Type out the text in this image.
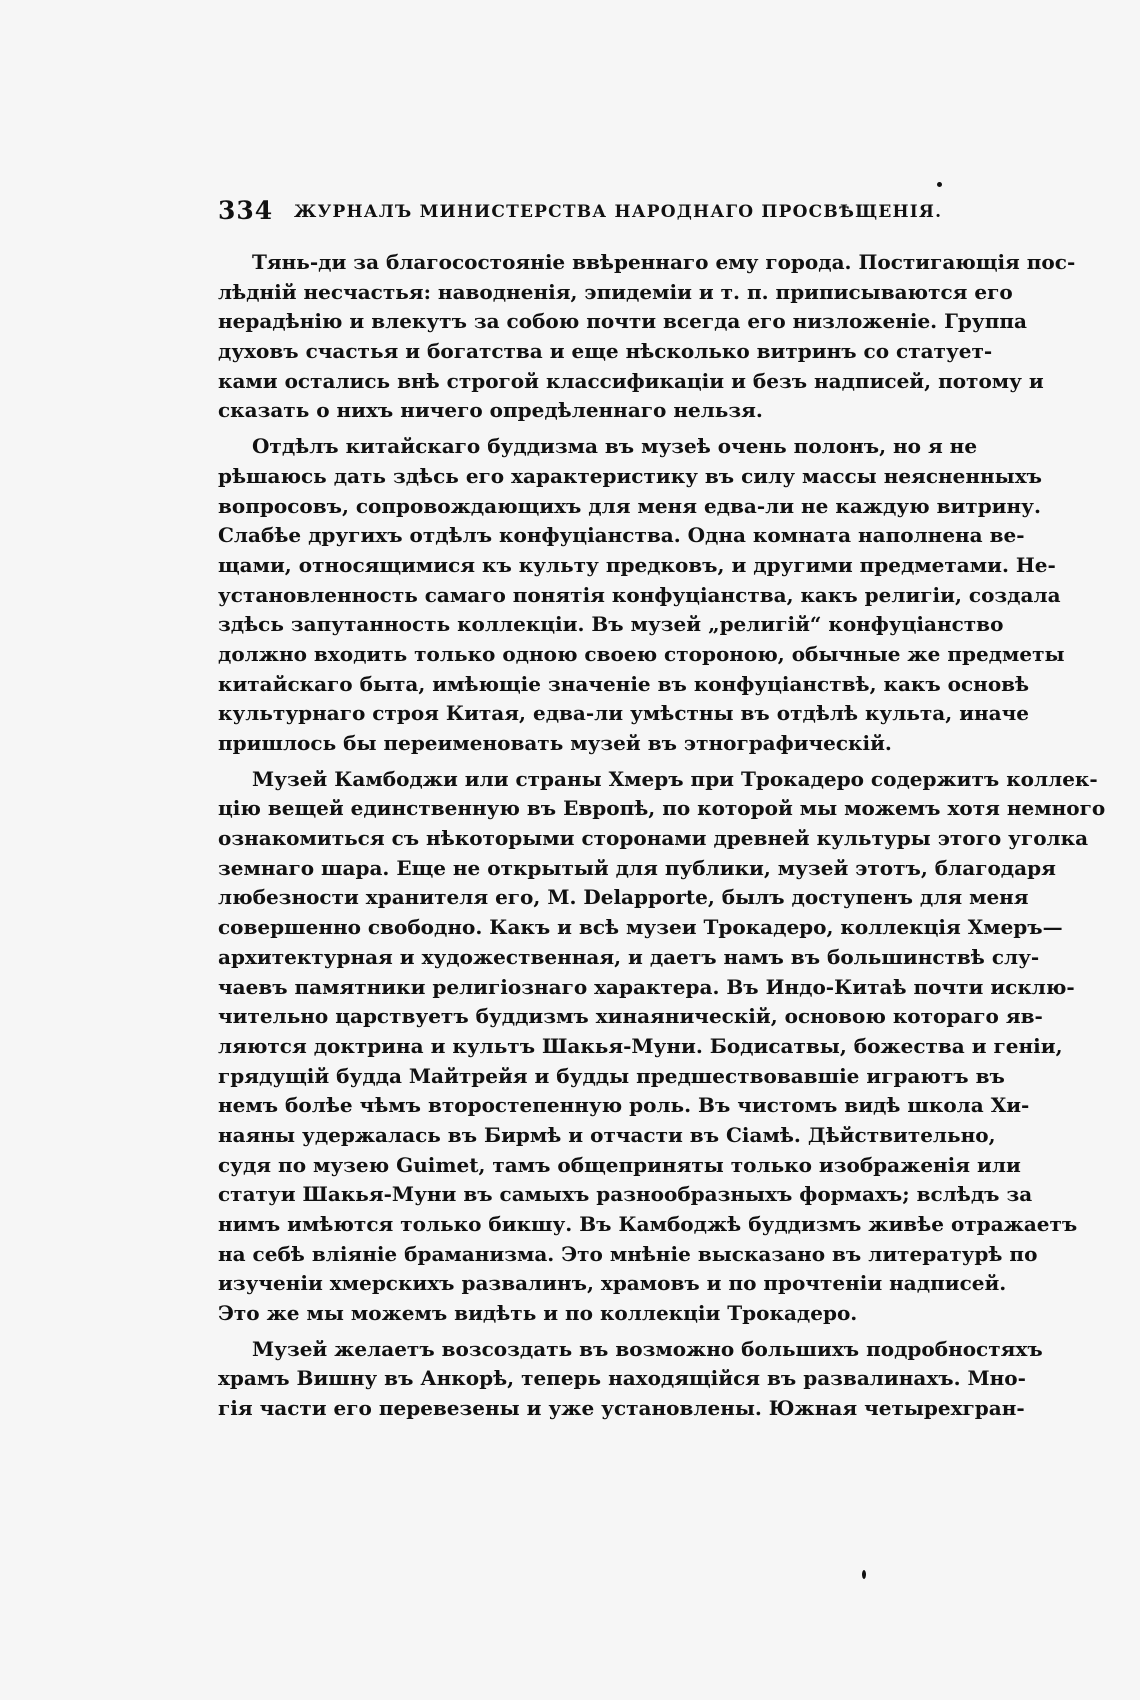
334 ЖУРНАЛЪ МИНИСТЕРСТВА НАРОДНАГО ПРОСВѢЩЕНІЯ.
Тянь-ди за благосостояніе ввѣреннаго ему города. Постигающія пос-
лѣдній несчастья: наводненія, эпидеміи и т. п. приписываются его
нерадѣнію и влекутъ за собою почти всегда его низложеніе. Группа
духовъ счастья и богатства и еще нѣсколько витринъ со статует-
ками остались внѣ строгой классификаціи и безъ надписей, потому и
сказать о нихъ ничего опредѣленнаго нельзя.
Отдѣлъ китайскаго буддизма въ музеѣ очень полонъ, но я не
рѣшаюсь дать здѣсь его характеристику въ силу массы неясненныхъ
вопросовъ, сопровождающихъ для меня едва-ли не каждую витрину.
Слабѣе другихъ отдѣлъ конфуціанства. Одна комната наполнена ве-
щами, относящимися къ культу предковъ, и другими предметами. Не-
установленность самаго понятія конфуціанства, какъ религіи, создала
здѣсь запутанность коллекціи. Въ музей „религій“ конфуціанство
должно входить только одною своею стороною, обычные же предметы
китайскаго быта, имѣющіе значеніе въ конфуціанствѣ, какъ основѣ
культурнаго строя Китая, едва-ли умѣстны въ отдѣлѣ культа, иначе
пришлось бы переименовать музей въ этнографическій.
Музей Камбоджи или страны Хмеръ при Трокадеро содержитъ коллек-
цію вещей единственную въ Европѣ, по которой мы можемъ хотя немного
ознакомиться съ нѣкоторыми сторонами древней культуры этого уголка
земнаго шара. Еще не открытый для публики, музей этотъ, благодаря
любезности хранителя его, M. Delapporte, былъ доступенъ для меня
совершенно свободно. Какъ и всѣ музеи Трокадеро, коллекція Хмеръ—
архитектурная и художественная, и даетъ намъ въ большинствѣ слу-
чаевъ памятники религіознаго характера. Въ Индо-Китаѣ почти исклю-
чительно царствуетъ буддизмъ хинаяническій, основою котораго яв-
ляются доктрина и культъ Шакья-Муни. Бодисатвы, божества и геніи,
грядущій будда Майтрейя и будды предшествовавшіе играютъ въ
немъ болѣе чѣмъ второстепенную роль. Въ чистомъ видѣ школа Хи-
наяны удержалась въ Бирмѣ и отчасти въ Сіамѣ. Дѣйствительно,
судя по музею Guimet, тамъ общеприняты только изображенія или
статуи Шакья-Муни въ самыхъ разнообразныхъ формахъ; вслѣдъ за
нимъ имѣются только бикшу. Въ Камбоджѣ буддизмъ живѣе отражаетъ
на себѣ вліяніе браманизма. Это мнѣніе высказано въ литературѣ по
изученіи хмерскихъ развалинъ, храмовъ и по прочтеніи надписей.
Это же мы можемъ видѣть и по коллекціи Трокадеро.
Музей желаетъ возсоздать въ возможно большихъ подробностяхъ
храмъ Вишну въ Анкорѣ, теперь находящійся въ развалинахъ. Мно-
гія части его перевезены и уже установлены. Южная четырехгран-
